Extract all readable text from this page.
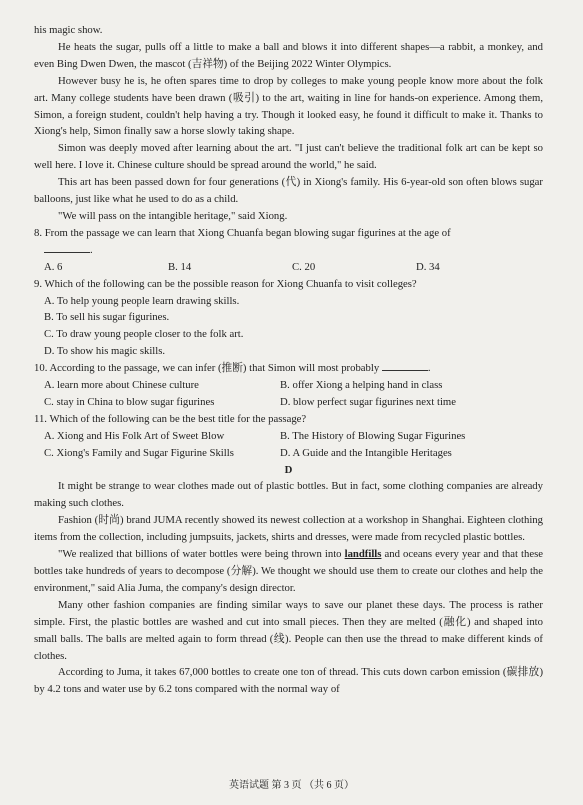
his magic show.

He heats the sugar, pulls off a little to make a ball and blows it into different shapes—a rabbit, a monkey, and even Bing Dwen Dwen, the mascot (吉祥物) of the Beijing 2022 Winter Olympics.

However busy he is, he often spares time to drop by colleges to make young people know more about the folk art. Many college students have been drawn (吸引) to the art, waiting in line for hands-on experience. Among them, Simon, a foreign student, couldn't help having a try. Though it looked easy, he found it difficult to make it. Thanks to Xiong's help, Simon finally saw a horse slowly taking shape.

Simon was deeply moved after learning about the art. "I just can't believe the traditional folk art can be kept so well here. I love it. Chinese culture should be spread around the world," he said.

This art has been passed down for four generations (代) in Xiong's family. His 6-year-old son often blows sugar balloons, just like what he used to do as a child.

"We will pass on the intangible heritage," said Xiong.

8. From the passage we can learn that Xiong Chuanfa began blowing sugar figurines at the age of

.

A. 6	B. 14	C. 20	D. 34

9. Which of the following can be the possible reason for Xiong Chuanfa to visit colleges?

A. To help young people learn drawing skills.

B. To sell his sugar figurines.

C. To draw young people closer to the folk art.

D. To show his magic skills.

10. According to the passage, we can infer (推断) that Simon will most probably	.

A. learn more about Chinese culture	B. offer Xiong a helping hand in class
C. stay in China to blow sugar figurines	D. blow perfect sugar figurines next time

11. Which of the following can be the best title for the passage?

A. Xiong and His Folk Art of Sweet Blow	B. The History of Blowing Sugar Figurines
C. Xiong's Family and Sugar Figurine Skills	D. A Guide and the Intangible Heritages

D

It might be strange to wear clothes made out of plastic bottles. But in fact, some clothing companies are already making such clothes.

Fashion (时尚) brand JUMA recently showed its newest collection at a workshop in Shanghai. Eighteen clothing items from the collection, including jumpsuits, jackets, shirts and dresses, were made from recycled plastic bottles.

"We realized that billions of water bottles were being thrown into landfills and oceans every year and that these bottles take hundreds of years to decompose (分解). We thought we should use them to create our clothes and help the environment," said Alia Juma, the company's design director.

Many other fashion companies are finding similar ways to save our planet these days. The process is rather simple. First, the plastic bottles are washed and cut into small pieces. Then they are melted (融化) and shaped into small balls. The balls are melted again to form thread (线). People can then use the thread to make different kinds of clothes.

According to Juma, it takes 67,000 bottles to create one ton of thread. This cuts down carbon emission (碳排放) by 4.2 tons and water use by 6.2 tons compared with the normal way of

英语试题 第 3 页 （共 6 页）
